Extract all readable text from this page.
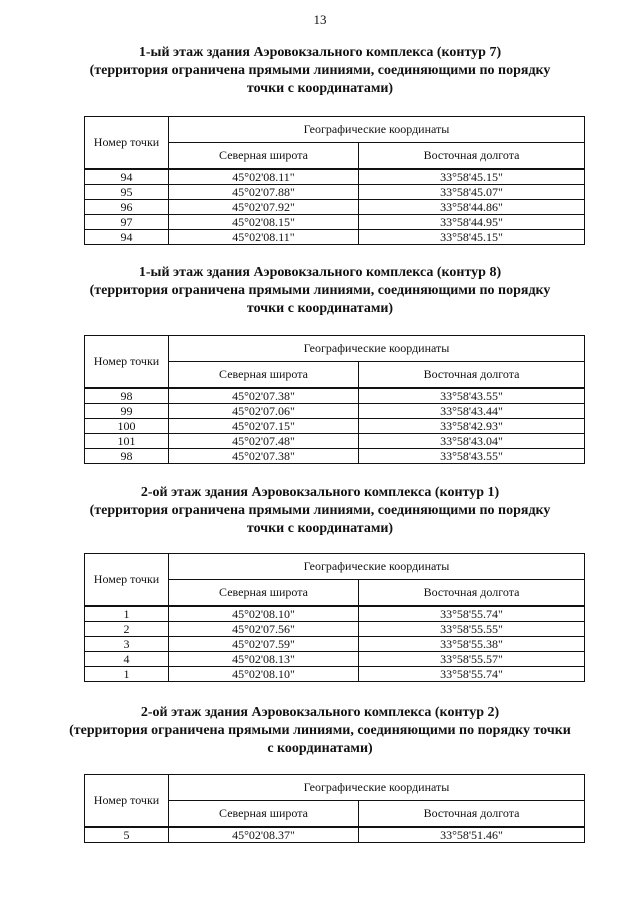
13
1-ый этаж здания Аэровокзального комплекса (контур 7)
(территория ограничена прямыми линиями, соединяющими по порядку
точки с координатами)
Номер точки	Географические координаты	
	Северная широта	Восточная долгота
94	45°02'08.11"	33°58'45.15"
95	45°02'07.88"	33°58'45.07"
96	45°02'07.92"	33°58'44.86"
97	45°02'08.15"	33°58'44.95"
94	45°02'08.11"	33°58'45.15"
1-ый этаж здания Аэровокзального комплекса (контур 8)
(территория ограничена прямыми линиями, соединяющими по порядку
точки с координатами)
Номер точки	Географические координаты	
	Северная широта	Восточная долгота
98	45°02'07.38"	33°58'43.55"
99	45°02'07.06"	33°58'43.44"
100	45°02'07.15"	33°58'42.93"
101	45°02'07.48"	33°58'43.04"
98	45°02'07.38"	33°58'43.55"
2-ой этаж здания Аэровокзального комплекса (контур 1)
(территория ограничена прямыми линиями, соединяющими по порядку
точки с координатами)
Номер точки	Географические координаты	
	Северная широта	Восточная долгота
1	45°02'08.10"	33°58'55.74"
2	45°02'07.56"	33°58'55.55"
3	45°02'07.59"	33°58'55.38"
4	45°02'08.13"	33°58'55.57"
1	45°02'08.10"	33°58'55.74"
2-ой этаж здания Аэровокзального комплекса (контур 2)
(территория ограничена прямыми линиями, соединяющими по порядку точки
с координатами)
Номер точки	Географические координаты	
	Северная широта	Восточная долгота
5	45°02'08.37"	33°58'51.46"
